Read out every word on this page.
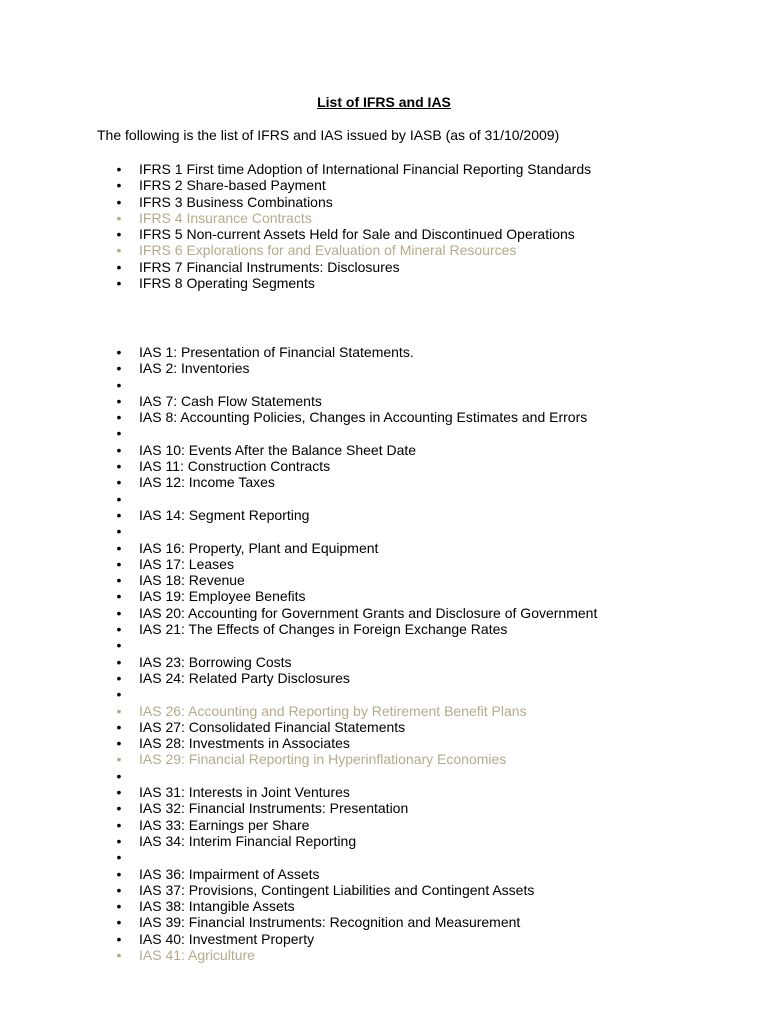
List of IFRS and IAS
The following is the list of IFRS and IAS issued by IASB (as of 31/10/2009)
• IFRS 1 First time Adoption of International Financial Reporting Standards
• IFRS 2 Share-based Payment
• IFRS 3 Business Combinations
• IFRS 4 Insurance Contracts
• IFRS 5 Non-current Assets Held for Sale and Discontinued Operations
• IFRS 6 Explorations for and Evaluation of Mineral Resources
• IFRS 7 Financial Instruments: Disclosures
• IFRS 8 Operating Segments
• IAS 1: Presentation of Financial Statements.
• IAS 2: Inventories
•
• IAS 7: Cash Flow Statements
• IAS 8: Accounting Policies, Changes in Accounting Estimates and Errors
•
• IAS 10: Events After the Balance Sheet Date
• IAS 11: Construction Contracts
• IAS 12: Income Taxes
•
• IAS 14: Segment Reporting
•
• IAS 16: Property, Plant and Equipment
• IAS 17: Leases
• IAS 18: Revenue
• IAS 19: Employee Benefits
• IAS 20: Accounting for Government Grants and Disclosure of Government
• IAS 21: The Effects of Changes in Foreign Exchange Rates
•
• IAS 23: Borrowing Costs
• IAS 24: Related Party Disclosures
•
• IAS 26: Accounting and Reporting by Retirement Benefit Plans
• IAS 27: Consolidated Financial Statements
• IAS 28: Investments in Associates
• IAS 29: Financial Reporting in Hyperinflationary Economies
•
• IAS 31: Interests in Joint Ventures
• IAS 32: Financial Instruments: Presentation
• IAS 33: Earnings per Share
• IAS 34: Interim Financial Reporting
•
• IAS 36: Impairment of Assets
• IAS 37: Provisions, Contingent Liabilities and Contingent Assets
• IAS 38: Intangible Assets
• IAS 39: Financial Instruments: Recognition and Measurement
• IAS 40: Investment Property
• IAS 41: Agriculture
